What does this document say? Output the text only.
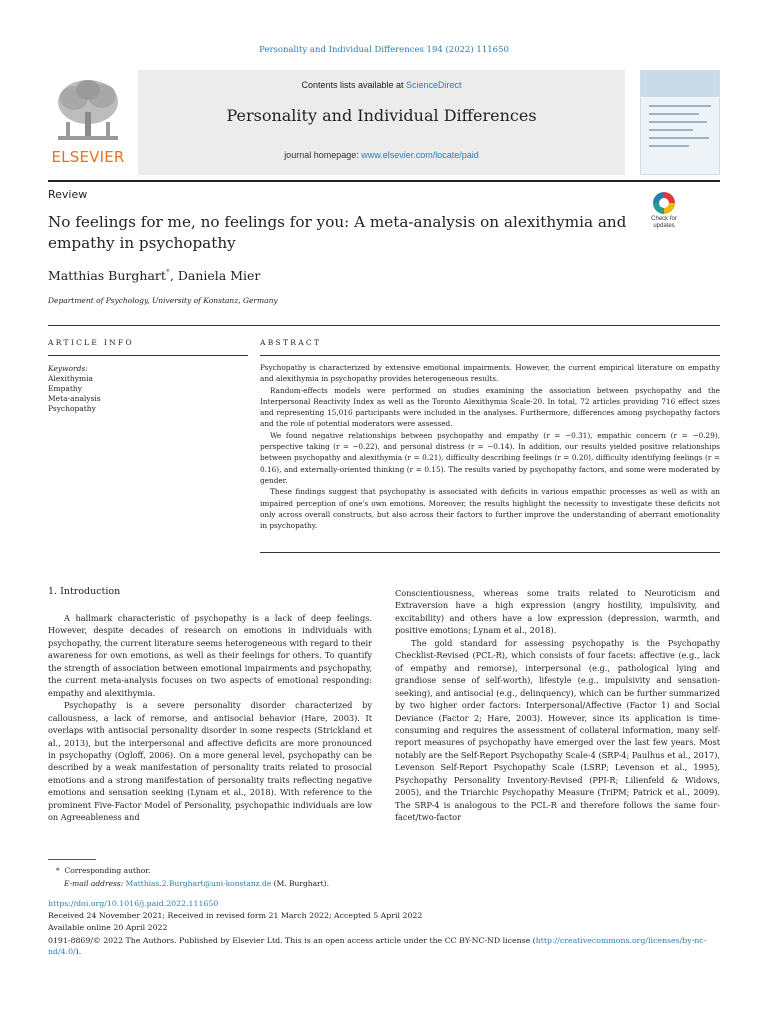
Personality and Individual Differences 194 (2022) 111650
ELSEVIER
Contents lists available at ScienceDirect
Personality and Individual Differences
journal homepage: www.elsevier.com/locate/paid
Review
No feelings for me, no feelings for you: A meta-analysis on alexithymia and empathy in psychopathy
Check for
updates
Matthias Burghart*, Daniela Mier
Department of Psychology, University of Konstanz, Germany
ARTICLE INFO
Keywords:
Alexithymia
Empathy
Meta-analysis
Psychopathy
ABSTRACT

Psychopathy is characterized by extensive emotional impairments. However, the current empirical literature on empathy and alexithymia in psychopathy provides heterogeneous results.

Random-effects models were performed on studies examining the association between psychopathy and the Interpersonal Reactivity Index as well as the Toronto Alexithymia Scale-20. In total, 72 articles providing 716 effect sizes and representing 15,016 participants were included in the analyses. Furthermore, differences among psychopathy factors and the role of potential moderators were assessed.

We found negative relationships between psychopathy and empathy (r = −0.31), empathic concern (r = −0.29), perspective taking (r = −0.22), and personal distress (r = −0.14). In addition, our results yielded positive relationships between psychopathy and alexithymia (r = 0.21), difficulty describing feelings (r = 0.20), difficulty identifying feelings (r = 0.16), and externally-oriented thinking (r = 0.15). The results varied by psychopathy factors, and some were moderated by gender.

These findings suggest that psychopathy is associated with deficits in various empathic processes as well as with an impaired perception of one's own emotions. Moreover, the results highlight the necessity to investigate these deficits not only across overall constructs, but also across their factors to further improve the understanding of aberrant emotionality in psychopathy.

1. Introduction

A hallmark characteristic of psychopathy is a lack of deep feelings. However, despite decades of research on emotions in individuals with psychopathy, the current literature seems heterogeneous with regard to their awareness for own emotions, as well as their feelings for others. To quantify the strength of association between emotional impairments and psychopathy, the current meta-analysis focuses on two aspects of emotional responding: empathy and alexithymia.

Psychopathy is a severe personality disorder characterized by callousness, a lack of remorse, and antisocial behavior (Hare, 2003). It overlaps with antisocial personality disorder in some respects (Strickland et al., 2013), but the interpersonal and affective deficits are more pronounced in psychopathy (Ogloff, 2006). On a more general level, psychopathy can be described by a weak manifestation of personality traits related to prosocial emotions and a strong manifestation of personality traits reflecting negative emotions and sensation seeking (Lynam et al., 2018). With reference to the prominent Five-Factor Model of Personality, psychopathic individuals are low on Agreeableness and

Conscientiousness, whereas some traits related to Neuroticism and Extraversion have a high expression (angry hostility, impulsivity, and excitability) and others have a low expression (depression, warmth, and positive emotions; Lynam et al., 2018).

The gold standard for assessing psychopathy is the Psychopathy Checklist-Revised (PCL-R), which consists of four facets: affective (e.g., lack of empathy and remorse), interpersonal (e.g., pathological lying and grandiose sense of self-worth), lifestyle (e.g., impulsivity and sensation-seeking), and antisocial (e.g., delinquency), which can be further summarized by two higher order factors: Interpersonal/Affective (Factor 1) and Social Deviance (Factor 2; Hare, 2003). However, since its application is time-consuming and requires the assessment of collateral information, many self-report measures of psychopathy have emerged over the last few years. Most notably are the Self-Report Psychopathy Scale-4 (SRP-4; Paulhus et al., 2017), Levenson Self-Report Psychopathy Scale (LSRP; Levenson et al., 1995), Psychopathy Personality Inventory-Revised (PPI-R; Lilienfeld & Widows, 2005), and the Triarchic Psychopathy Measure (TriPM; Patrick et al., 2009). The SRP-4 is analogous to the PCL-R and therefore follows the same four-facet/two-factor

* Corresponding author.
E-mail address: Matthias.2.Burghart@uni-konstanz.de (M. Burghart).
https://doi.org/10.1016/j.paid.2022.111650
Received 24 November 2021; Received in revised form 21 March 2022; Accepted 5 April 2022
Available online 20 April 2022
0191-8869/© 2022 The Authors. Published by Elsevier Ltd. This is an open access article under the CC BY-NC-ND license (http://creativecommons.org/licenses/by-nc-nd/4.0/).
